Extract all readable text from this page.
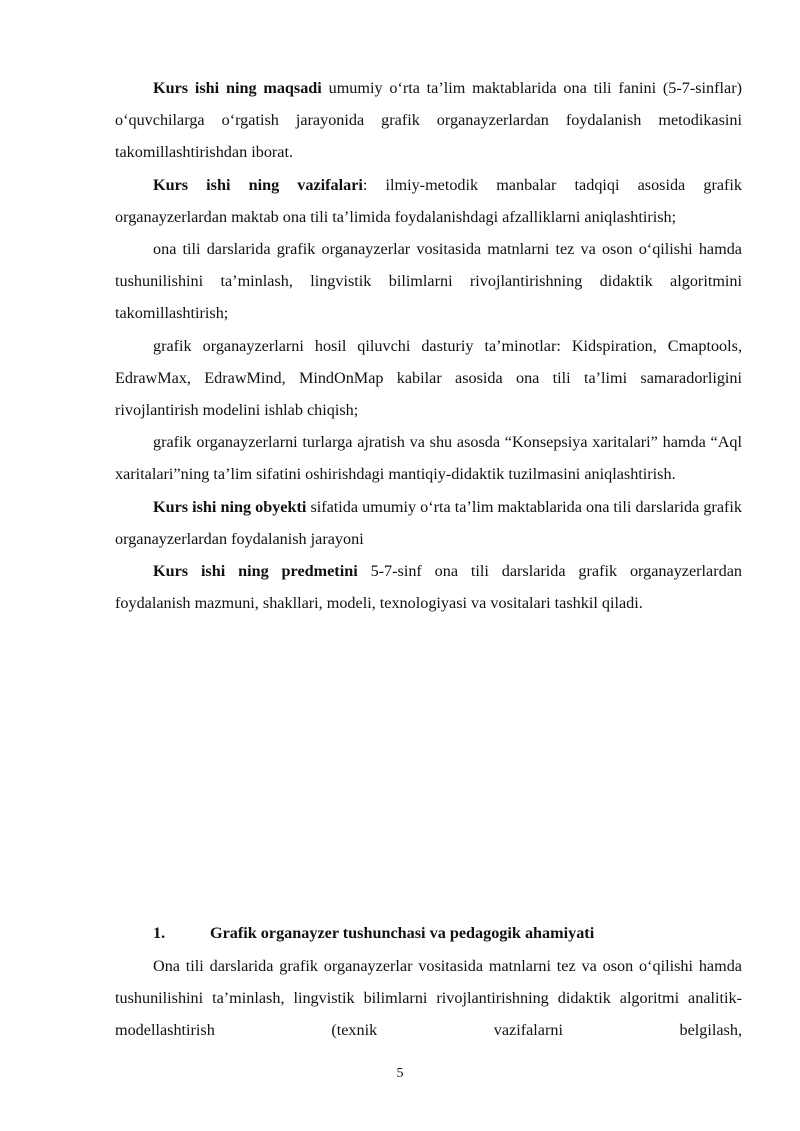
Kurs ishi ning maqsadi umumiy o‘rta ta’lim maktablarida ona tili fanini (5-7-sinflar) o‘quvchilarga o‘rgatish jarayonida grafik organayzerlardan foydalanish metodikasini takomillashtirishdan iborat.

Kurs ishi ning vazifalari: ilmiy-metodik manbalar tadqiqi asosida grafik organayzerlardan maktab ona tili ta’limida foydalanishdagi afzalliklarni aniqlashtirish;

ona tili darslarida grafik organayzerlar vositasida matnlarni tez va oson o‘qilishi hamda tushunilishini ta’minlash, lingvistik bilimlarni rivojlantirishning didaktik algoritmini takomillashtirish;

grafik organayzerlarni hosil qiluvchi dasturiy ta’minotlar: Kidspiration, Cmaptools, EdrawMax, EdrawMind, MindOnMap kabilar asosida ona tili ta’limi samaradorligini rivojlantirish modelini ishlab chiqish;

grafik organayzerlarni turlarga ajratish va shu asosda “Konsepsiya xaritalari” hamda “Aql xaritalari”ning ta’lim sifatini oshirishdagi mantiqiy-didaktik tuzilmasini aniqlashtirish.

Kurs ishi ning obyekti sifatida umumiy o‘rta ta’lim maktablarida ona tili darslarida grafik organayzerlardan foydalanish jarayoni

Kurs ishi ning predmetini 5-7-sinf ona tili darslarida grafik organayzerlardan foydalanish mazmuni, shakllari, modeli, texnologiyasi va vositalari tashkil qiladi.

1.	Grafik organayzer tushunchasi va pedagogik ahamiyati

Ona tili darslarida grafik organayzerlar vositasida matnlarni tez va oson o‘qilishi hamda tushunilishini ta’minlash, lingvistik bilimlarni rivojlantirishning didaktik algoritmi analitik-modellashtirish (texnik vazifalarni belgilash,

5
